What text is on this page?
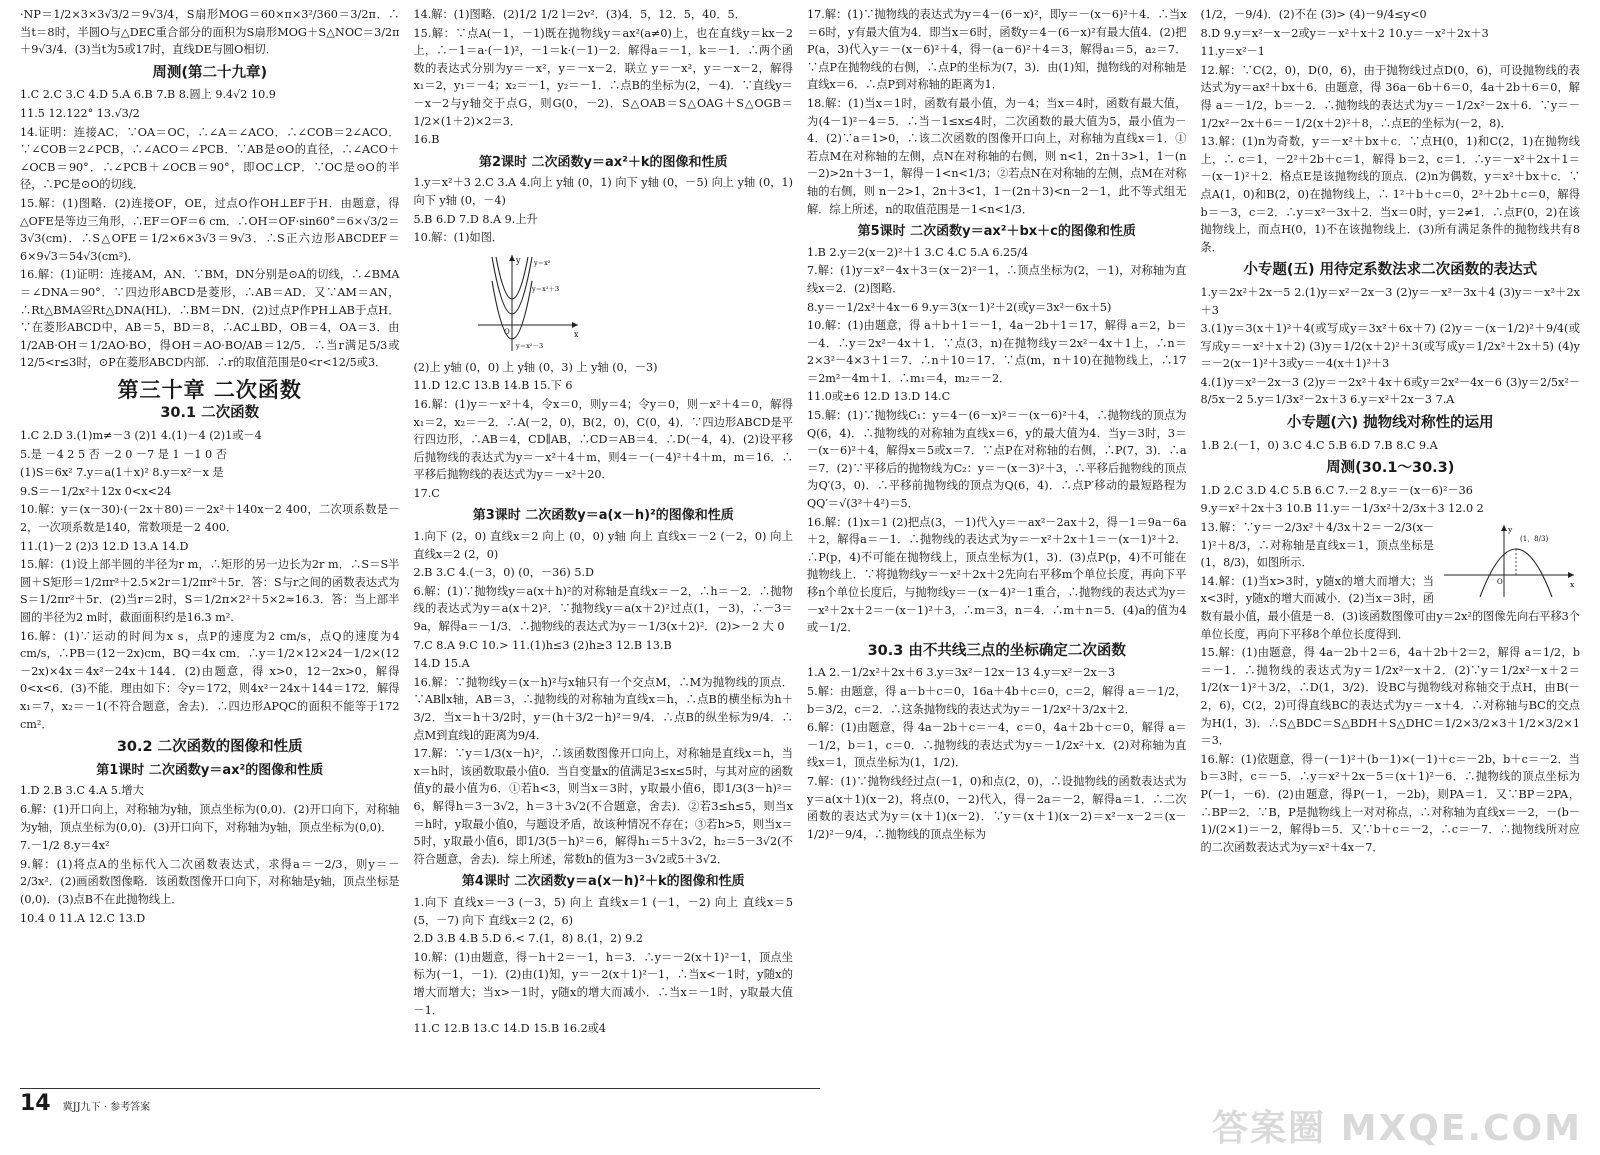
·NP＝1/2×3×3√3/2＝9√3/4，S扇形MOG＝60×π×3²/360＝3/2π．∴当t＝8时，半圆O与△DEC重合部分的面积为S扇形MOG＋S△NOC＝3/2π＋9√3/4．(3)当t为5或17时，直线DE与圆O相切．

周测(第二十九章)

1.C 2.C 3.C 4.D 5.A 6.B 7.B 8.圆上 9.4√2 10.9

11.5 12.122° 13.√3/2

14.证明：连接AC．∵OA＝OC，∴∠A＝∠ACO．∴∠COB＝2∠ACO．∵∠COB＝2∠PCB，∴∠ACO＝∠PCB．∵AB是⊙O的直径，∴∠ACO＋∠OCB＝90°．∴∠PCB＋∠OCB＝90°，即OC⊥CP．∵OC是⊙O的半径，∴PC是⊙O的切线．

15.解：(1)图略．(2)连接OF，OE，过点O作OH⊥EF于H．由题意，得△OFE是等边三角形，∴EF＝OF＝6 cm．∴OH＝OF·sin60°＝6×√3/2＝3√3(cm)．∴S△OFE＝1/2×6×3√3＝9√3．∴S正六边形ABCDEF＝6×9√3＝54√3(cm²)．

16.解：(1)证明：连接AM，AN．∵BM，DN分别是⊙A的切线，∴∠BMA＝∠DNA＝90°．∵四边形ABCD是菱形，∴AB＝AD．又∵AM＝AN，∴Rt△BMA≌Rt△DNA(HL)．∴BM＝DN．(2)过点P作PH⊥AB于点H．∵在菱形ABCD中，AB＝5，BD＝8，∴AC⊥BD，OB＝4，OA＝3．由1/2AB·OH＝1/2AO·BO，得OH＝AO·BO/AB＝12/5．∴当r满足5/3或12/5<r≤3时，⊙P在菱形ABCD内部．∴r的取值范围是0<r<12/5或3．

第三十章 二次函数
30.1 二次函数

1.C 2.D 3.(1)m≠－3 (2)1 4.(1)－4 (2)1或－4

5.是 －4 2 5 否 －2 0 －7 是 1 －1 0 否

(1)S＝6x² 7.y＝a(1＋x)² 8.y＝x²－x 是

9.S＝－1/2x²＋12x 0<x<24

10.解：y＝(x－30)·(－2x＋80)＝－2x²＋140x－2 400，二次项系数是－2，一次项系数是140，常数项是－2 400．

11.(1)－2 (2)3 12.D 13.A 14.D

15.解：(1)设上部半圆的半径为r m，∴矩形的另一边长为2r m．∴S＝S半圆＋S矩形＝1/2πr²＋2.5×2r＝1/2πr²＋5r．答：S与r之间的函数表达式为S＝1/2πr²＋5r．(2)当r＝2时，S＝1/2π×2²＋5×2≈16.3．答：当上部半圆的半径为2 m时，截面面积约是16.3 m².

16.解：(1)∵运动的时间为x s，点P的速度为2 cm/s，点Q的速度为4 cm/s，∴PB＝(12－2x)cm，BQ＝4x cm．∴y＝1/2×12×24－1/2×(12－2x)×4x＝4x²－24x＋144．(2)由题意，得 x>0，12－2x>0，解得0<x<6．(3)不能．理由如下：令y＝172，则4x²－24x＋144＝172．解得x₁＝7，x₂＝－1(不符合题意，舍去)．∴四边形APQC的面积不能等于172 cm²．

30.2 二次函数的图像和性质
第1课时 二次函数y＝ax²的图像和性质

1.D 2.B 3.C 4.A 5.增大

6.解：(1)开口向上，对称轴为y轴，顶点坐标为(0,0)．(2)开口向下，对称轴为y轴，顶点坐标为(0,0)．(3)开口向下，对称轴为y轴，顶点坐标为(0,0)．

7.－1/2 8.y＝4x²

9.解：(1)将点A的坐标代入二次函数表达式，求得a＝－2/3，则y＝－2/3x²．(2)画函数图像略．该函数图像开口向下，对称轴是y轴，顶点坐标是(0,0)．(3)点B不在此抛物线上．

10.4 0 11.A 12.C 13.D

14.解：(1)图略．(2)1/2 1/2 l＝2v²．(3)4．5，12．5，40．5．

15.解：∵点A(－1，－1)既在抛物线y＝ax²(a≠0)上，也在直线y＝kx－2上，∴－1＝a·(－1)²，－1＝k·(－1)－2．解得a＝－1，k＝－1．∴两个函数的表达式分别为y＝－x²，y＝－x－2．联立 y＝－x²，y＝－x－2，解得 x₁＝2，y₁＝－4；x₂＝－1，y₂＝－1．∴点B的坐标为(2，－4)．∵直线y＝－x－2与y轴交于点G，则G(0，－2)．S△OAB＝S△OAG＋S△OGB＝1/2×(1＋2)×2＝3．

16.B

第2课时 二次函数y＝ax²＋k的图像和性质

1.y＝x²＋3 2.C 3.A 4.向上 y轴 (0，1) 向下 y轴 (0，－5) 向上 y轴 (0，1) 向下 y轴 (0，－4)

5.B 6.D 7.D 8.A 9.上升

10.解：(1)如图．

y
x
O
y＝x²
y＝x²＋3
y＝x²－3

(2)上 y轴 (0，0) 上 y轴 (0，3) 上 y轴 (0，－3)

11.D 12.C 13.B 14.B 15.下 6

16.解：(1)y＝－x²＋4，令x＝0，则y＝4；令y＝0，则－x²＋4＝0，解得x₁＝2，x₂＝－2．∴A(－2，0)，B(2，0)，C(0，4)．∵四边形ABCD是平行四边形，∴AB＝4，CD∥AB，∴CD＝AB＝4．∴D(－4，4)．(2)设平移后抛物线的表达式为y＝－x²＋4＋m，则4＝－(－4)²＋4＋m，m＝16．∴平移后抛物线的表达式为y＝－x²＋20．

17.C

第3课时 二次函数y＝a(x－h)²的图像和性质

1.向下 (2，0) 直线x＝2 向上 (0，0) y轴 向上 直线x＝－2 (－2，0) 向上 直线x＝2 (2，0)

2.B 3.C 4.(－3，0) (0，－36) 5.D

6.解：(1)∵抛物线y＝a(x＋h)²的对称轴是直线x＝－2，∴h＝－2．∴抛物线的表达式为y＝a(x＋2)²．∵抛物线y＝a(x＋2)²过点(1，－3)，∴－3＝9a，解得a＝－1/3．∴抛物线的表达式为y＝－1/3(x＋2)²．(2)>－2 大 0

7.C 8.A 9.C 10.> 11.(1)h≤3 (2)h≥3 12.B 13.B

14.D 15.A

16.解：∵抛物线y＝(x－h)²与x轴只有一个交点M，∴M为抛物线的顶点．∵AB∥x轴，AB＝3，∴抛物线的对称轴为直线x＝h，∴点B的横坐标为h＋3/2．当x＝h＋3/2时，y＝(h＋3/2－h)²＝9/4．∴点B的纵坐标为9/4．∴点M到直线l的距离为9/4．

17.解：∵y＝1/3(x－h)²，∴该函数图像开口向上，对称轴是直线x＝h，当x＝h时，该函数取最小值0．当自变量x的值满足3≤x≤5时，与其对应的函数值y的最小值为6．①若h<3，则当x＝3时，y取最小值6，即1/3(3－h)²＝6，解得h＝3－3√2，h＝3＋3√2(不合题意，舍去)．②若3≤h≤5，则当x＝h时，y取最小值0，与题设矛盾，故该种情况不存在；③若h>5，则当x＝5时，y取最小值6，即1/3(5－h)²＝6，解得h₁＝5＋3√2，h₂＝5－3√2(不符合题意，舍去)．综上所述，常数h的值为3－3√2或5＋3√2．

第4课时 二次函数y＝a(x－h)²＋k的图像和性质

1.向下 直线x＝－3 (－3，5) 向上 直线x＝1 (－1，－2) 向上 直线x＝5 (5，－7) 向下 直线x＝2 (2，6)

2.D 3.B 4.B 5.D 6.< 7.(1，8) 8.(1，2) 9.2

10.解：(1)由题意，得－h＋2＝－1，h＝3．∴y＝－2(x＋1)²－1，顶点坐标为(－1，－1)．(2)由(1)知，y＝－2(x＋1)²－1，∴当x<－1时，y随x的增大而增大；当x>－1时，y随x的增大而减小．∴当x＝－1时，y取最大值－1．

11.C 12.B 13.C 14.D 15.B 16.2或4

17.解：(1)∵抛物线的表达式为y＝4－(6－x)²，即y＝－(x－6)²＋4．∴当x＝6时，y有最大值为4．即当x＝6时，函数y＝4－(6－x)²有最大值4．(2)把P(a，3)代入y＝－(x－6)²＋4，得－(a－6)²＋4＝3，解得a₁＝5，a₂＝7．∵点P在抛物线的右侧，∴点P的坐标为(7，3)．由(1)知，抛物线的对称轴是直线x＝6．∴点P到对称轴的距离为1．

18.解：(1)当x＝1时，函数有最小值，为－4；当x＝4时，函数有最大值，为(4－1)²－4＝5．∴当－1≤x≤4时，二次函数的最大值为5，最小值为－4．(2)∵a＝1>0，∴该二次函数的图像开口向上，对称轴为直线x＝1．①若点M在对称轴的左侧，点N在对称轴的右侧，则 n<1，2n＋3>1，1－(n－2)>2n＋3－1，解得－1<n<1/3；②若点N在对称轴的左侧，点M在对称轴的右侧，则 n－2>1，2n＋3<1，1－(2n＋3)<n－2－1，此不等式组无解．综上所述，n的取值范围是－1<n<1/3．

第5课时 二次函数y＝ax²＋bx＋c的图像和性质

1.B 2.y＝2(x－2)²＋1 3.C 4.C 5.A 6.25/4

7.解：(1)y＝x²－4x＋3＝(x－2)²－1，∴顶点坐标为(2，－1)，对称轴为直线x＝2．(2)图略．

8.y＝－1/2x²＋4x－6 9.y＝3(x－1)²＋2(或y＝3x²－6x＋5)

10.解：(1)由题意，得 a＋b＋1＝－1，4a－2b＋1＝17，解得 a＝2，b＝－4．∴y＝2x²－4x＋1．∵点(3，n)在抛物线y＝2x²－4x＋1上，∴n＝2×3²－4×3＋1＝7．∴n＋10＝17．∵点(m，n＋10)在抛物线上，∴17＝2m²－4m＋1．∴m₁＝4，m₂＝－2．

11.0或±6 12.D 13.D 14.C

15.解：(1)∵抛物线C₁：y＝4－(6－x)²＝－(x－6)²＋4，∴抛物线的顶点为Q(6，4)．∴抛物线的对称轴为直线x＝6，y的最大值为4．当y＝3时，3＝－(x－6)²＋4，解得x＝5或x＝7．∵点P在对称轴的右侧，∴P(7，3)．∴a＝7．(2)∵平移后的抛物线为C₂：y＝－(x－3)²＋3，∴平移后抛物线的顶点为Q′(3，0)．∴平移前抛物线的顶点为Q(6，4)．∴点P′移动的最短路程为QQ′＝√(3²＋4²)＝5．

16.解：(1)x＝1 (2)把点(3，－1)代入y＝－ax²－2ax＋2，得－1＝9a－6a＋2，解得a＝－1．∴抛物线的表达式为y＝－x²＋2x＋1＝－(x－1)²＋2．∴P(p，4)不可能在抛物线上，顶点坐标为(1，3)．(3)点P(p，4)不可能在抛物线上．∵将抛物线y＝－x²＋2x＋2先向右平移m个单位长度，再向下平移n个单位长度后，与抛物线y＝－(x－4)²－1重合，∴抛物线的表达式为y＝－x²＋2x＋2＝－(x－1)²＋3，∴m＝3，n＝4．∴m＋n＝5．(4)a的值为4或－1/2．

30.3 由不共线三点的坐标确定二次函数

1.A 2.－1/2x²＋2x＋6 3.y＝3x²－12x－13 4.y＝x²－2x－3

5.解：由题意，得 a－b＋c＝0，16a＋4b＋c＝0，c＝2，解得 a＝－1/2，b＝3/2，c＝2．∴这条抛物线的表达式为y＝－1/2x²＋3/2x＋2．

6.解：(1)由题意，得 4a－2b＋c＝－4，c＝0，4a＋2b＋c＝0，解得 a＝－1/2，b＝1，c＝0．∴抛物线的表达式为y＝－1/2x²＋x．(2)对称轴为直线x＝1，顶点坐标为(1，1/2)．

7.解：(1)∵抛物线经过点(－1，0)和点(2，0)，∴设抛物线的函数表达式为y＝a(x＋1)(x－2)，将点(0，－2)代入，得－2a＝－2，解得a＝1．∴二次函数的表达式为y＝(x＋1)(x－2)．∵y＝(x＋1)(x－2)＝x²－x－2＝(x－1/2)²－9/4，∴抛物线的顶点坐标为

(1/2，－9/4)．(2)不在 (3)> (4)－9/4≤y<0

8.D 9.y＝x²－x－2或y＝－x²＋x＋2 10.y＝－x²＋2x＋3

11.y＝x²－1

12.解：∵C(2，0)，D(0，6)，由于抛物线过点D(0，6)，可设抛物线的表达式为y＝ax²＋bx＋6．由题意，得 36a－6b＋6＝0，4a＋2b＋6＝0，解得 a＝－1/2，b＝－2．∴抛物线的表达式为y＝－1/2x²－2x＋6．∵y＝－1/2x²－2x＋6＝－1/2(x＋2)²＋8，∴点E的坐标为(－2，8)．

13.解：(1)n为奇数，y＝－x²＋bx＋c．∵点H(0，1)和C(2，1)在抛物线上，∴ c＝1，－2²＋2b＋c＝1，解得 b＝2，c＝1．∴y＝－x²＋2x＋1＝－(x－1)²＋2．格点E是该抛物线的顶点．(2)n为偶数，y＝x²＋bx＋c．∵点A(1，0)和B(2，0)在抛物线上，∴ 1²＋b＋c＝0，2²＋2b＋c＝0，解得 b＝－3，c＝2．∴y＝x²－3x＋2．当x＝0时，y＝2≠1．∴点F(0，2)在该抛物线上，而点H(0，1)不在该抛物线上．(3)所有满足条件的抛物线共有8条．

小专题(五) 用待定系数法求二次函数的表达式

1.y＝2x²＋2x－5 2.(1)y＝x²－2x－3 (2)y＝－x²－3x＋4 (3)y＝－x²＋2x＋3

3.(1)y＝3(x＋1)²＋4(或写成y＝3x²＋6x＋7) (2)y＝－(x－1/2)²＋9/4(或写成y＝－x²＋x＋2) (3)y＝1/2(x＋2)²＋3(或写成y＝1/2x²＋2x＋5) (4)y＝－2(x－1)²＋3或y＝－4(x＋1)²＋3

4.(1)y＝x²－2x－3 (2)y＝－2x²＋4x＋6或y＝2x²－4x－6 (3)y＝2/5x²－8/5x－2 5.y＝1/3x²－2x＋3 6.y＝x²＋2x－3 7.A

小专题(六) 抛物线对称性的运用

1.B 2.(－1，0) 3.C 4.C 5.B 6.D 7.B 8.C 9.A

周测(30.1～30.3)

1.D 2.C 3.D 4.C 5.B 6.C 7.－2 8.y＝－(x－6)²－36

9.y＝x²＋2x＋3 10.B 11.y＝－1/3x²＋2/3x＋3 12.0 2

y
x
O
(1，8/3)

13.解：∵y＝－2/3x²＋4/3x＋2＝－2/3(x－1)²＋8/3，∴对称轴是直线x＝1，顶点坐标是(1，8/3)，如图所示．

14.解：(1)当x>3时，y随x的增大而增大；当x<3时，y随x的增大而减小．(2)当x＝3时，函数有最小值，最小值是－8．(3)该函数图像可由y＝2x²的图像先向右平移3个单位长度，再向下平移8个单位长度得到．

15.解：(1)由题意，得 4a－2b＋2＝6，4a＋2b＋2＝2，解得 a＝1/2，b＝－1．∴抛物线的表达式为y＝1/2x²－x＋2．(2)∵y＝1/2x²－x＋2＝1/2(x－1)²＋3/2，∴D(1，3/2)．设BC与抛物线对称轴交于点H，由B(－2，6)，C(2，2)可得直线BC的表达式为y＝－x＋4．∴对称轴与BC的交点为H(1，3)．∴S△BDC＝S△BDH＋S△DHC＝1/2×3/2×3＋1/2×3/2×1＝3．

16.解：(1)依题意，得－(－1)²＋(b－1)×(－1)＋c＝－2b，b＋c＝－2．当b＝3时，c＝－5．∴y＝x²＋2x－5＝(x＋1)²－6．∴抛物线的顶点坐标为P(－1，－6)．(2)由题意，得P(－1，－2b)，则PA＝1．又∵BP＝2PA，∴BP＝2．∵B，P是抛物线上一对对称点，∴对称轴为直线x＝－2，－(b－1)/(2×1)＝－2，解得b＝5．又∵b＋c＝－2，∴c＝－7．∴抛物线所对应的二次函数表达式为y＝x²＋4x－7．

14 冀JJ九下 · 参考答案
答案圈 MXQE.COM
